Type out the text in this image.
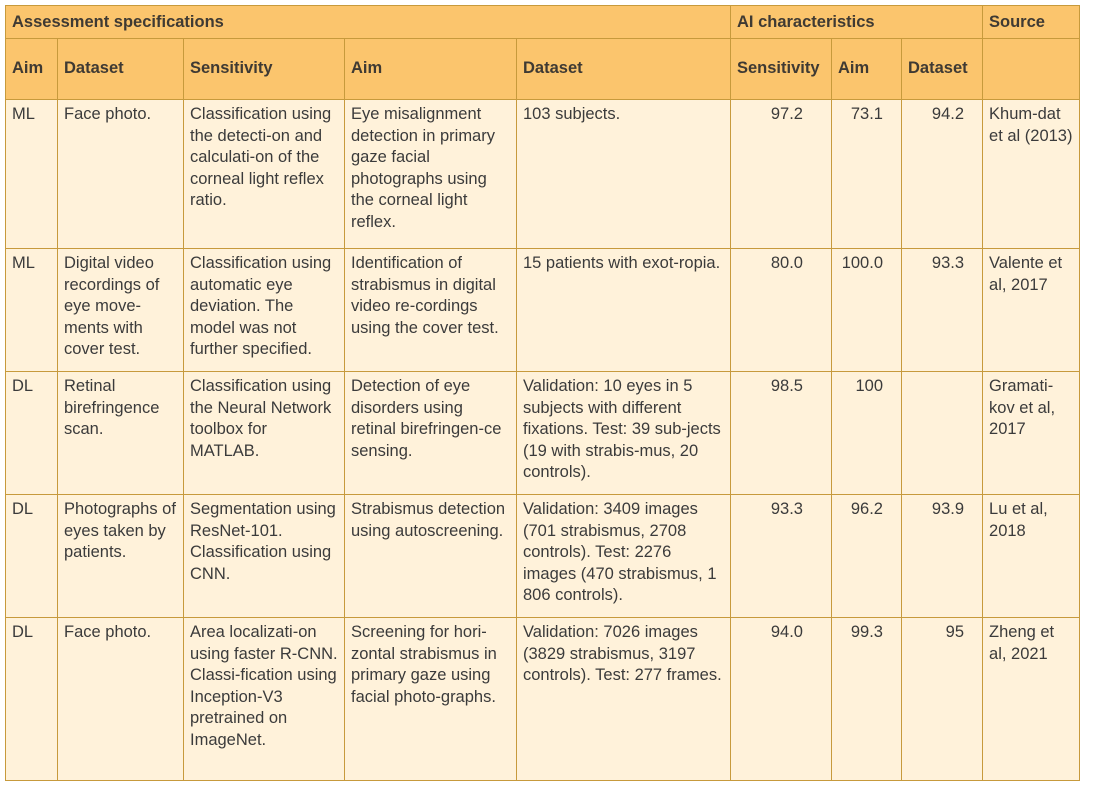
Assessment specifications					AI characteristics			Source
Aim	Dataset	Sensitivity	Aim	Dataset	Sensitivity	Aim	Dataset	
ML	Face photo.	Classification using the detecti-on and calculati-on of the corneal light reflex ratio.	Eye misalignment detection in primary gaze facial photographs using the corneal light reflex.	103 subjects.	97.2	73.1	94.2	Khum-dat et al (2013)
ML	Digital video recordings of eye move-ments with cover test.	Classification using automatic eye deviation. The model was not further specified.	Identification of strabismus in digital video re-cordings using the cover test.	15 patients with exot-ropia.	80.0	100.0	93.3	Valente et al, 2017
DL	Retinal birefringence scan.	Classification using the Neural Network toolbox for MATLAB.	Detection of eye disorders using retinal birefringen-ce sensing.	Validation: 10 eyes in 5 subjects with different fixations. Test: 39 sub-jects (19 with strabis-mus, 20 controls).	98.5	100		Gramati-kov et al, 2017
DL	Photographs of eyes taken by patients.	Segmentation using ResNet-101. Classification using CNN.	Strabismus detection using autoscreening.	Validation: 3409 images (701 strabismus, 2708 controls). Test: 2276 images (470 strabismus, 1 806 controls).	93.3	96.2	93.9	Lu et al, 2018
DL	Face photo.	Area localizati-on using faster R-CNN. Classi-fication using Inception-V3 pretrained on ImageNet.	Screening for hori-zontal strabismus in primary gaze using facial photo-graphs.	Validation: 7026 images (3829 strabismus, 3197 controls). Test: 277 frames.	94.0	99.3	95	Zheng et al, 2021
